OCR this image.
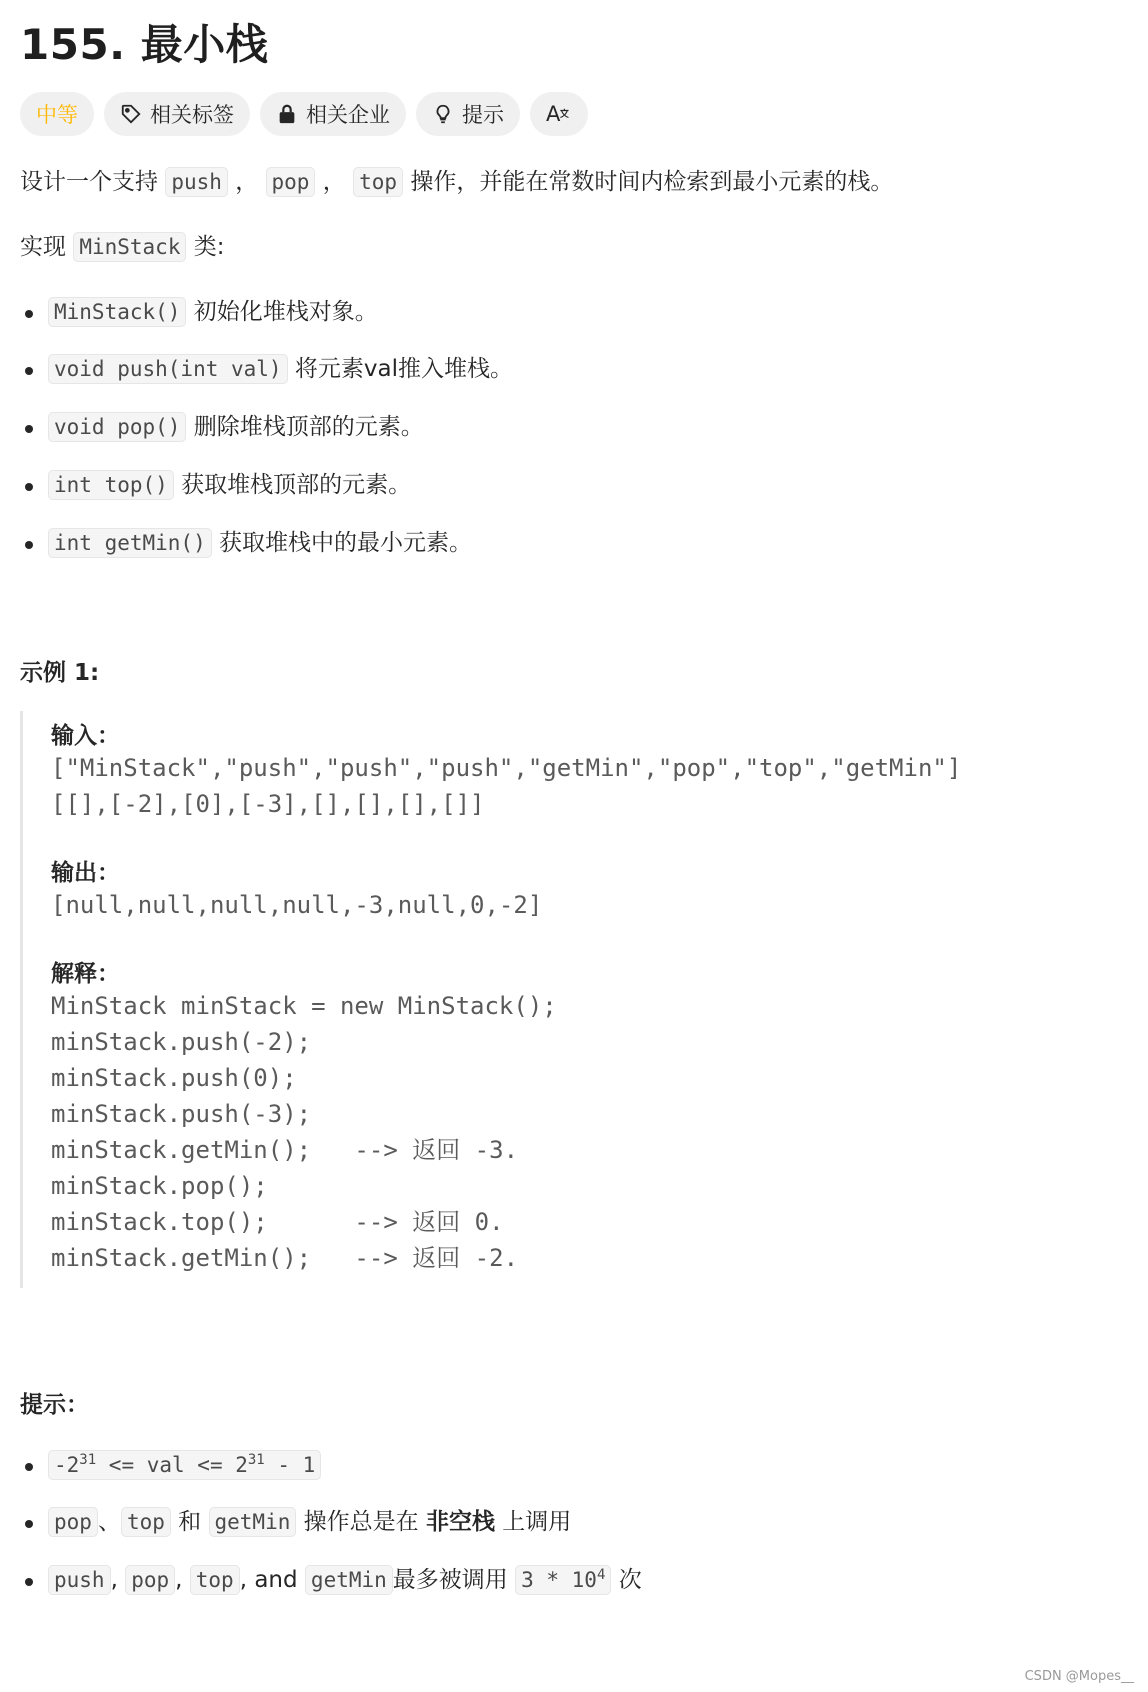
155. 最小栈
中等	相关标签	相关企业	提示 A

设计一个支持 push ， pop ， top 操作，并能在常数时间内检索到最小元素的栈。

实现 MinStack 类:

MinStack() 初始化堆栈对象。
void push(int val) 将元素val推入堆栈。
void pop() 删除堆栈顶部的元素。
int top() 获取堆栈顶部的元素。
int getMin() 获取堆栈中的最小元素。
示例 1:
输入：
["MinStack","push","push","push","getMin","pop","top","getMin"]
[[],[-2],[0],[-3],[],[],[],[]]
输出：
[null,null,null,null,-3,null,0,-2]
解释：
MinStack minStack = new MinStack();
minStack.push(-2);
minStack.push(0);
minStack.push(-3);
minStack.getMin();   --> 返回 -3.
minStack.pop();
minStack.top();      --> 返回 0.
minStack.getMin();   --> 返回 -2.
提示：
$-2^{31}$ <= val <= $2^{31} - 1$
pop 、 top 和 getMin 操作总是在 非空栈 上调用
push , pop , top , and getMin 最多被调用 $3 * 10^4$ 次
CSDN @Mopes__
